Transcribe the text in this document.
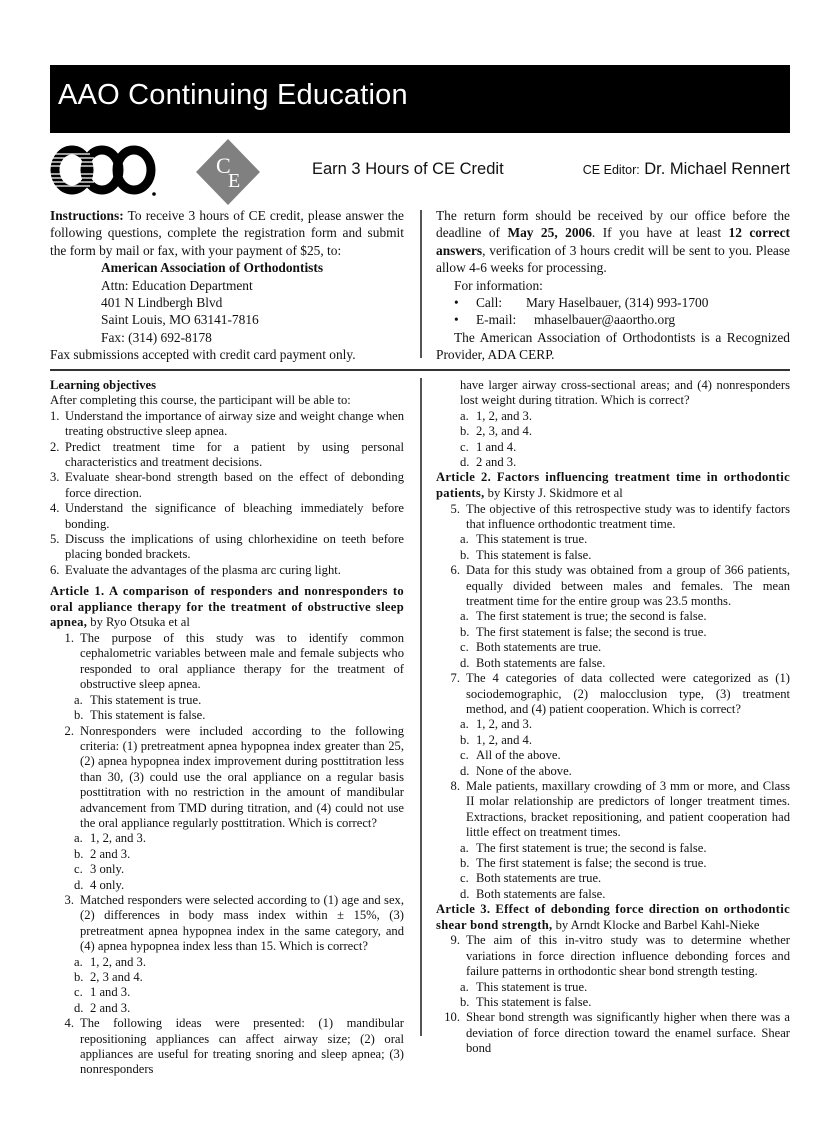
AAO Continuing Education
C
E
Earn 3 Hours of CE Credit	CE Editor: Dr. Michael Rennert
Instructions: To receive 3 hours of CE credit, please answer the following questions, complete the registration form and submit the form by mail or fax, with your payment of $25, to:
American Association of Orthodontists
Attn: Education Department
401 N Lindbergh Blvd
Saint Louis, MO 63141-7816
Fax: (314) 692-8178
Fax submissions accepted with credit card payment only.
The return form should be received by our office before the deadline of May 25, 2006. If you have at least 12 correct answers, verification of 3 hours credit will be sent to you. Please allow 4-6 weeks for processing.
For information:
•	Call:	Mary Haselbauer, (314) 993-1700
•	E-mail:	mhaselbauer@aaortho.org
The American Association of Orthodontists is a Recognized Provider, ADA CERP.
Learning objectives
After completing this course, the participant will be able to:
1. Understand the importance of airway size and weight change when treating obstructive sleep apnea.
2. Predict treatment time for a patient by using personal characteristics and treatment decisions.
3. Evaluate shear-bond strength based on the effect of debonding force direction.
4. Understand the significance of bleaching immediately before bonding.
5. Discuss the implications of using chlorhexidine on teeth before placing bonded brackets.
6. Evaluate the advantages of the plasma arc curing light.
Article 1. A comparison of responders and nonresponders to oral appliance therapy for the treatment of obstructive sleep apnea, by Ryo Otsuka et al
1. The purpose of this study was to identify common cephalometric variables between male and female subjects who responded to oral appliance therapy for the treatment of obstructive sleep apnea.
a. This statement is true.
b. This statement is false.
2. Nonresponders were included according to the following criteria: (1) pretreatment apnea hypopnea index greater than 25, (2) apnea hypopnea index improvement during posttitration less than 30, (3) could use the oral appliance on a regular basis posttitration with no restriction in the amount of mandibular advancement from TMD during titration, and (4) could not use the oral appliance regularly posttitration. Which is correct?
a. 1, 2, and 3.
b. 2 and 3.
c. 3 only.
d. 4 only.
3. Matched responders were selected according to (1) age and sex, (2) differences in body mass index within ± 15%, (3) pretreatment apnea hypopnea index in the same category, and (4) apnea hypopnea index less than 15. Which is correct?
a. 1, 2, and 3.
b. 2, 3 and 4.
c. 1 and 3.
d. 2 and 3.
4. The following ideas were presented: (1) mandibular repositioning appliances can affect airway size; (2) oral appliances are useful for treating snoring and sleep apnea; (3) nonresponders
have larger airway cross-sectional areas; and (4) nonresponders lost weight during titration. Which is correct?
a. 1, 2, and 3.
b. 2, 3, and 4.
c. 1 and 4.
d. 2 and 3.
Article 2. Factors influencing treatment time in orthodontic patients, by Kirsty J. Skidmore et al
5. The objective of this retrospective study was to identify factors that influence orthodontic treatment time.
a. This statement is true.
b. This statement is false.
6. Data for this study was obtained from a group of 366 patients, equally divided between males and females. The mean treatment time for the entire group was 23.5 months.
a. The first statement is true; the second is false.
b. The first statement is false; the second is true.
c. Both statements are true.
d. Both statements are false.
7. The 4 categories of data collected were categorized as (1) sociodemographic, (2) malocclusion type, (3) treatment method, and (4) patient cooperation. Which is correct?
a. 1, 2, and 3.
b. 1, 2, and 4.
c. All of the above.
d. None of the above.
8. Male patients, maxillary crowding of 3 mm or more, and Class II molar relationship are predictors of longer treatment times. Extractions, bracket repositioning, and patient cooperation had little effect on treatment times.
a. The first statement is true; the second is false.
b. The first statement is false; the second is true.
c. Both statements are true.
d. Both statements are false.
Article 3. Effect of debonding force direction on orthodontic shear bond strength, by Arndt Klocke and Barbel Kahl-Nieke
9. The aim of this in-vitro study was to determine whether variations in force direction influence debonding forces and failure patterns in orthodontic shear bond strength testing.
a. This statement is true.
b. This statement is false.
10. Shear bond strength was significantly higher when there was a deviation of force direction toward the enamel surface. Shear bond
